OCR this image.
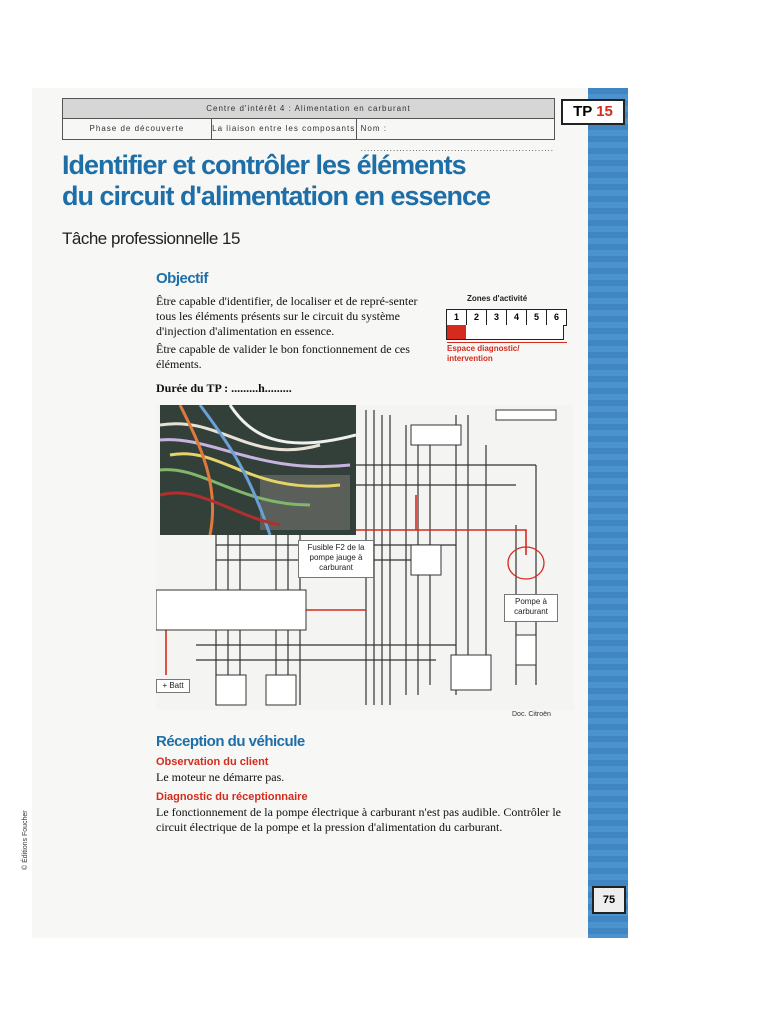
Centre d'intérêt 4 : Alimentation en carburant
Phase de découverte	La liaison entre les composants Nom : ............................................................
TP 15
Identifier et contrôler les éléments
du circuit d'alimentation en essence
Tâche professionnelle 15
Objectif
Être capable d'identifier, de localiser et de repré-senter tous les éléments présents sur le circuit du système d'injection d'alimentation en essence.
Être capable de valider le bon fonctionnement de ces éléments.
Durée du TP : .........h.........
Zones d'activité
1	2	3	4	5	6
Espace diagnostic/ intervention
Fusible F2 de la pompe jauge à carburant
Pompe à carburant
+ Batt
Doc. Citroën
Réception du véhicule
Observation du client
Le moteur ne démarre pas.
Diagnostic du réceptionnaire
Le fonctionnement de la pompe électrique à carburant n'est pas audible. Contrôler le circuit électrique de la pompe et la pression d'alimentation du carburant.
75
© Éditions Foucher
